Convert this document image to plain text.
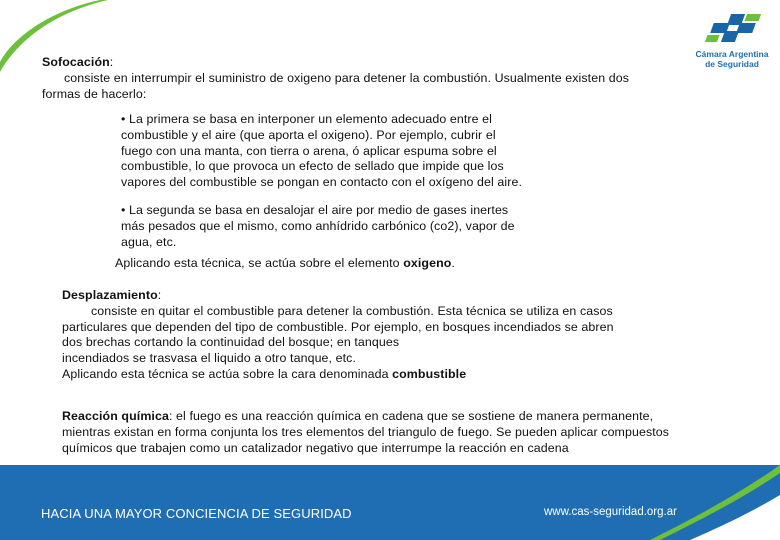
Cámara Argentina
de Seguridad

Sofocación:

consiste en interrumpir el suministro de oxigeno para detener la combustión. Usualmente existen dos

formas de hacerlo:

• La primera se basa en interponer un elemento adecuado entre el

combustible y el aire (que aporta el oxigeno). Por ejemplo, cubrir el

fuego con una manta, con tierra o arena, ó aplicar espuma sobre el

combustible, lo que provoca un efecto de sellado que impide que los

vapores del combustible se pongan en contacto con el oxígeno del aire.

• La segunda se basa en desalojar el aire por medio de gases inertes

más pesados que el mismo, como anhídrido carbónico (co2), vapor de

agua, etc.

Aplicando esta técnica, se actúa sobre el elemento oxigeno.

Desplazamiento:

consiste en quitar el combustible para detener la combustión. Esta técnica se utiliza en casos

particulares que dependen del tipo de combustible. Por ejemplo, en bosques incendiados se abren

dos brechas cortando la continuidad del bosque; en tanques

incendiados se trasvasa el liquido a otro tanque, etc.

Aplicando esta técnica se actúa sobre la cara denominada combustible

Reacción química: el fuego es una reacción química en cadena que se sostiene de manera permanente,

mientras existan en forma conjunta los tres elementos del triangulo de fuego. Se pueden aplicar compuestos

químicos que trabajen como un catalizador negativo que interrumpe la reacción en cadena

HACIA UNA MAYOR CONCIENCIA DE SEGURIDAD	www.cas-seguridad.org.ar
